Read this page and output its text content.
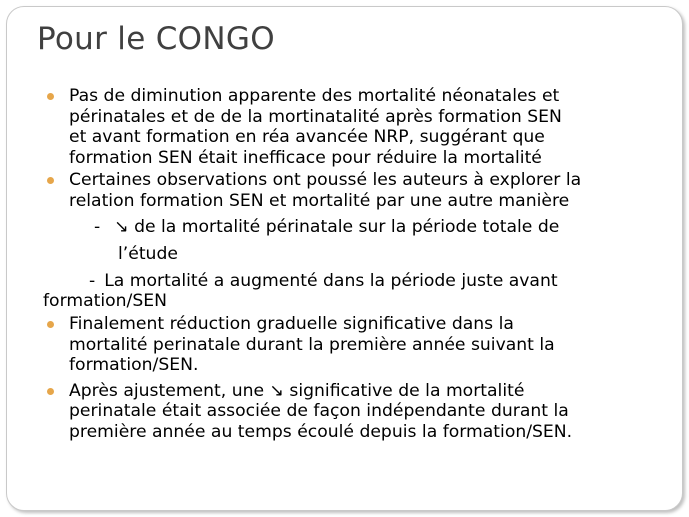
Pour le CONGO
Pas de diminution apparente des mortalité néonatales et
périnatales et de de la mortinatalité après formation SEN
et avant formation en réa avancée NRP, suggérant que
formation SEN était inefficace pour réduire la mortalité
Certaines observations ont poussé les auteurs à explorer la
relation formation SEN et mortalité par une autre manière
- ↘ de la mortalité périnatale sur la période totale de
l’étude
- La mortalité a augmenté dans la période juste avant
formation/SEN
Finalement réduction graduelle significative dans la
mortalité perinatale durant la première année suivant la
formation/SEN.
Après ajustement, une ↘ significative de la mortalité
perinatale était associée de façon indépendante durant la
première année au temps écoulé depuis la formation/SEN.
